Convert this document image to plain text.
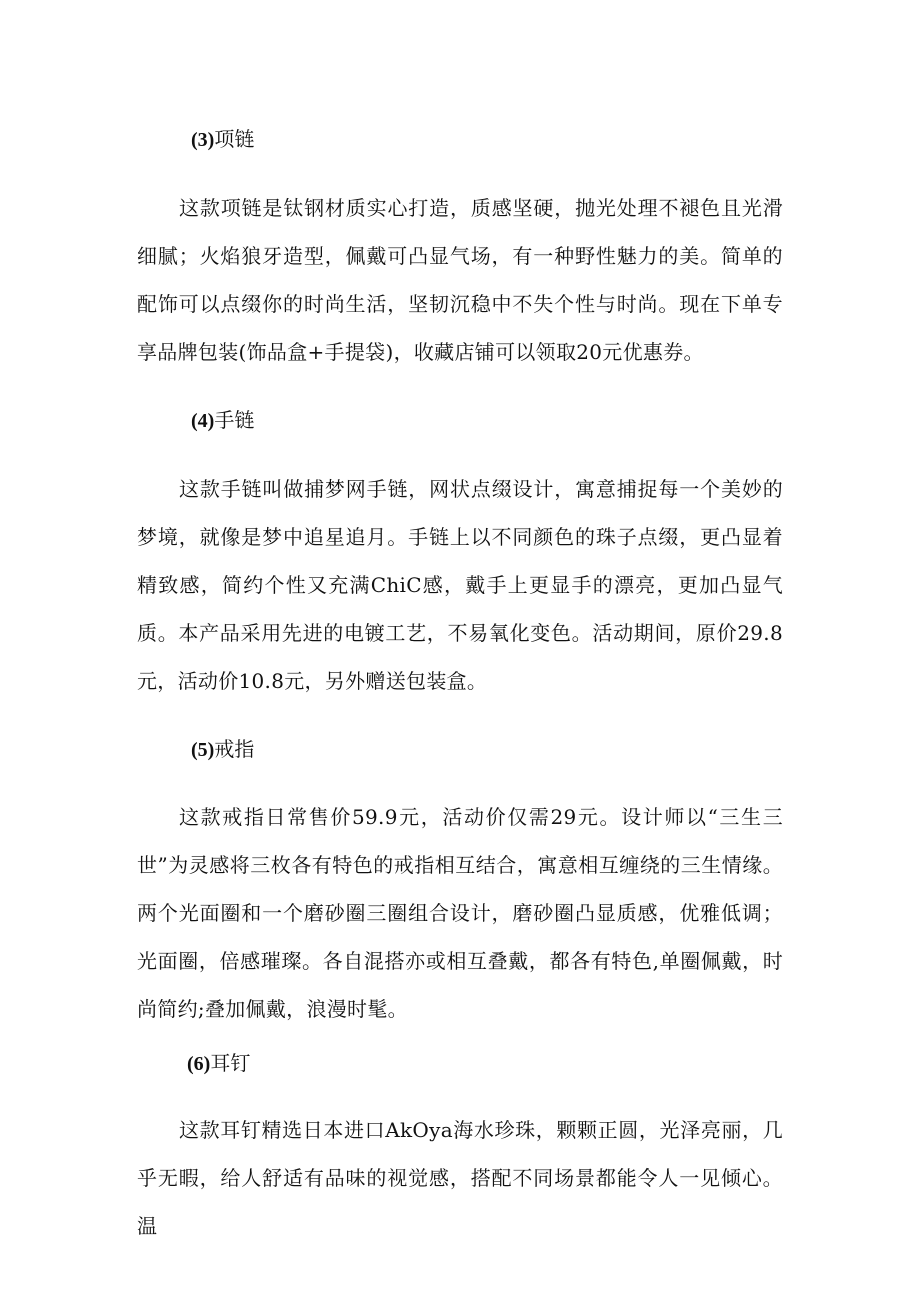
(3)项链

这款项链是钛钢材质实心打造，质感坚硬，抛光处理不褪色且光滑细腻；火焰狼牙造型，佩戴可凸显气场，有一种野性魅力的美。简单的配饰可以点缀你的时尚生活，坚韧沉稳中不失个性与时尚。现在下单专享品牌包装(饰品盒+手提袋)，收藏店铺可以领取20元优惠券。

(4)手链

这款手链叫做捕梦网手链，网状点缀设计，寓意捕捉每一个美妙的梦境，就像是梦中追星追月。手链上以不同颜色的珠子点缀，更凸显着精致感，简约个性又充满ChiC感，戴手上更显手的漂亮，更加凸显气质。本产品采用先进的电镀工艺，不易氧化变色。活动期间，原价29.8元，活动价10.8元，另外赠送包装盒。

(5)戒指

这款戒指日常售价59.9元，活动价仅需29元。设计师以“三生三世”为灵感将三枚各有特色的戒指相互结合，寓意相互缠绕的三生情缘。两个光面圈和一个磨砂圈三圈组合设计，磨砂圈凸显质感，优雅低调；光面圈，倍感璀璨。各自混搭亦或相互叠戴，都各有特色,单圈佩戴，时尚简约;叠加佩戴，浪漫时髦。

(6)耳钉

这款耳钉精选日本进口AkOya海水珍珠，颗颗正圆，光泽亮丽，几乎无暇，给人舒适有品味的视觉感，搭配不同场景都能令人一见倾心。温
